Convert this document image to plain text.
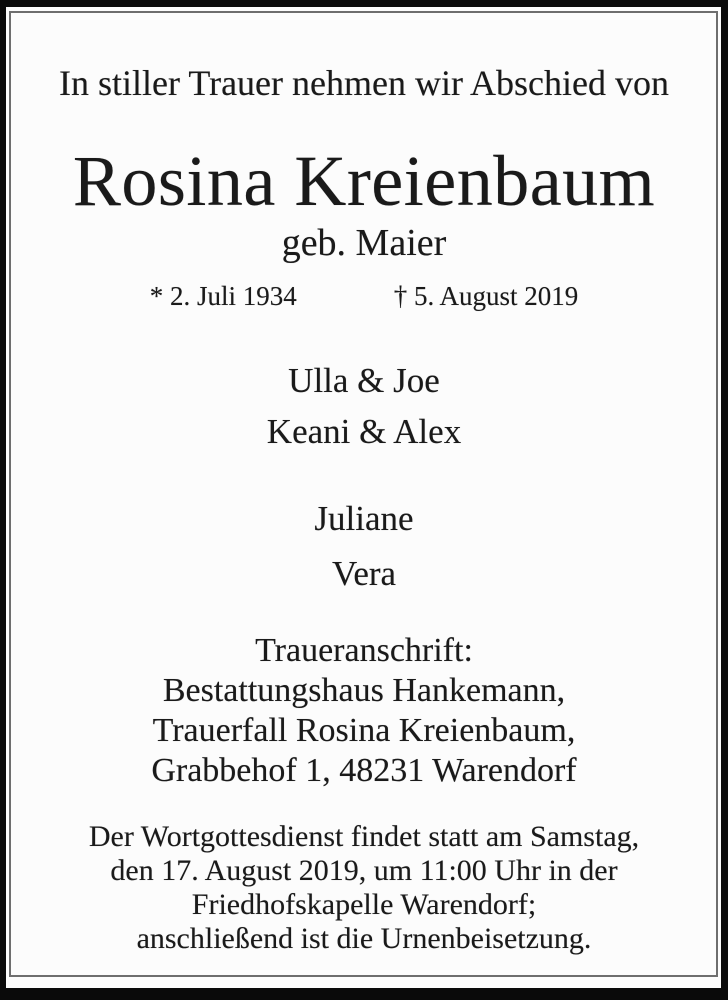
In stiller Trauer nehmen wir Abschied von
Rosina Kreienbaum
geb. Maier
* 2. Juli 1934	† 5. August 2019
Ulla & Joe
Keani & Alex
Juliane
Vera
Traueranschrift:
Bestattungshaus Hankemann,
Trauerfall Rosina Kreienbaum,
Grabbehof 1, 48231 Warendorf
Der Wortgottesdienst findet statt am Samstag,
den 17. August 2019, um 11:00 Uhr in der
Friedhofskapelle Warendorf;
anschließend ist die Urnenbeisetzung.
